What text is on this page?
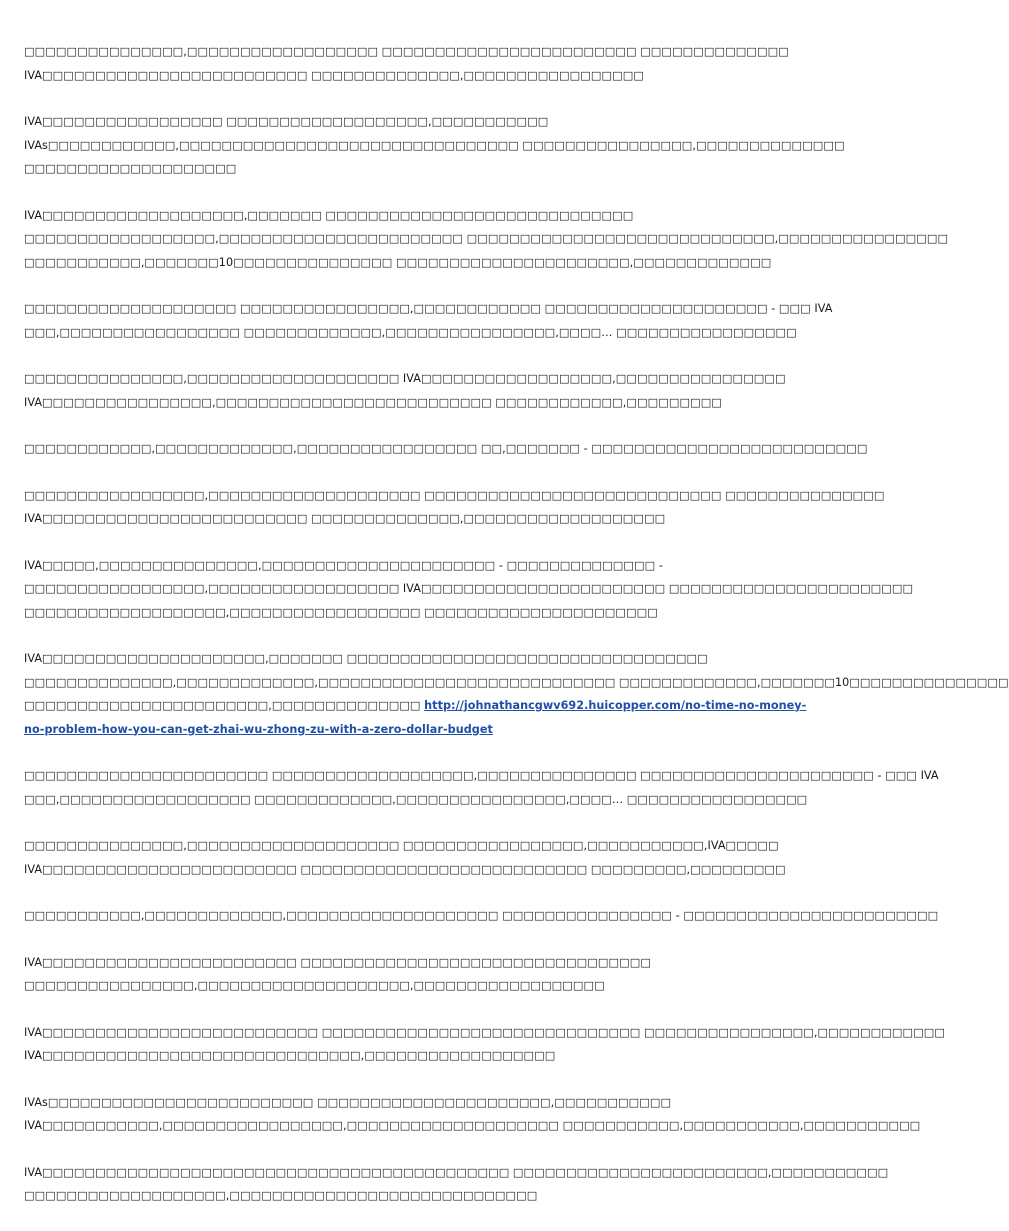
□□□□□□□□□□□□□□□,□□□□□□□□□□□□□□□□□□ □□□□□□□□□□□□□□□□□□□□□□□□ □□□□□□□□□□□□□□
IVA□□□□□□□□□□□□□□□□□□□□□□□□□ □□□□□□□□□□□□□□,□□□□□□□□□□□□□□□□□

IVA□□□□□□□□□□□□□□□□□ □□□□□□□□□□□□□□□□□□□,□□□□□□□□□□□
IVAs□□□□□□□□□□□□,□□□□□□□□□□□□□□□□□□□□□□□□□□□□□□□□ □□□□□□□□□□□□□□□□,□□□□□□□□□□□□□□
□□□□□□□□□□□□□□□□□□□□

IVA□□□□□□□□□□□□□□□□□□□,□□□□□□□ □□□□□□□□□□□□□□□□□□□□□□□□□□□□□
□□□□□□□□□□□□□□□□□□,□□□□□□□□□□□□□□□□□□□□□□□ □□□□□□□□□□□□□□□□□□□□□□□□□□□□□,□□□□□□□□□□□□□□□□
□□□□□□□□□□□,□□□□□□□10□□□□□□□□□□□□□□□ □□□□□□□□□□□□□□□□□□□□□□,□□□□□□□□□□□□□

□□□□□□□□□□□□□□□□□□□□ □□□□□□□□□□□□□□□□,□□□□□□□□□□□□ □□□□□□□□□□□□□□□□□□□□□ - □□□ IVA
□□□,□□□□□□□□□□□□□□□□□ □□□□□□□□□□□□□,□□□□□□□□□□□□□□□□,□□□□… □□□□□□□□□□□□□□□□□

□□□□□□□□□□□□□□□,□□□□□□□□□□□□□□□□□□□□ IVA□□□□□□□□□□□□□□□□□□,□□□□□□□□□□□□□□□□
IVA□□□□□□□□□□□□□□□□,□□□□□□□□□□□□□□□□□□□□□□□□□□ □□□□□□□□□□□□,□□□□□□□□□

□□□□□□□□□□□□,□□□□□□□□□□□□□,□□□□□□□□□□□□□□□□□ □□,□□□□□□□ - □□□□□□□□□□□□□□□□□□□□□□□□□□

□□□□□□□□□□□□□□□□□,□□□□□□□□□□□□□□□□□□□□ □□□□□□□□□□□□□□□□□□□□□□□□□□□□ □□□□□□□□□□□□□□□
IVA□□□□□□□□□□□□□□□□□□□□□□□□□ □□□□□□□□□□□□□□,□□□□□□□□□□□□□□□□□□□

IVA□□□□□,□□□□□□□□□□□□□□□,□□□□□□□□□□□□□□□□□□□□□□ - □□□□□□□□□□□□□□ -
□□□□□□□□□□□□□□□□□,□□□□□□□□□□□□□□□□□□ IVA□□□□□□□□□□□□□□□□□□□□□□□ □□□□□□□□□□□□□□□□□□□□□□□
□□□□□□□□□□□□□□□□□□□,□□□□□□□□□□□□□□□□□□ □□□□□□□□□□□□□□□□□□□□□□

IVA□□□□□□□□□□□□□□□□□□□□□,□□□□□□□ □□□□□□□□□□□□□□□□□□□□□□□□□□□□□□□□□□
□□□□□□□□□□□□□□,□□□□□□□□□□□□□,□□□□□□□□□□□□□□□□□□□□□□□□□□□□ □□□□□□□□□□□□□,□□□□□□□10□□□□□□□□□□□□□□□
□□□□□□□□□□□□□□□□□□□□□□□,□□□□□□□□□□□□□□ http://johnathancgwv692.huicopper.com/no-time-no-money-
no-problem-how-you-can-get-zhai-wu-zhong-zu-with-a-zero-dollar-budget

□□□□□□□□□□□□□□□□□□□□□□□ □□□□□□□□□□□□□□□□□□□,□□□□□□□□□□□□□□□ □□□□□□□□□□□□□□□□□□□□□□ - □□□ IVA
□□□,□□□□□□□□□□□□□□□□□□ □□□□□□□□□□□□□,□□□□□□□□□□□□□□□□,□□□□… □□□□□□□□□□□□□□□□□

□□□□□□□□□□□□□□□,□□□□□□□□□□□□□□□□□□□□ □□□□□□□□□□□□□□□□□,□□□□□□□□□□□,IVA□□□□□
IVA□□□□□□□□□□□□□□□□□□□□□□□□ □□□□□□□□□□□□□□□□□□□□□□□□□□□ □□□□□□□□□,□□□□□□□□□

□□□□□□□□□□□,□□□□□□□□□□□□□,□□□□□□□□□□□□□□□□□□□□ □□□□□□□□□□□□□□□□ - □□□□□□□□□□□□□□□□□□□□□□□□

IVA□□□□□□□□□□□□□□□□□□□□□□□□ □□□□□□□□□□□□□□□□□□□□□□□□□□□□□□□□□
□□□□□□□□□□□□□□□□,□□□□□□□□□□□□□□□□□□□□,□□□□□□□□□□□□□□□□□□

IVA□□□□□□□□□□□□□□□□□□□□□□□□□□ □□□□□□□□□□□□□□□□□□□□□□□□□□□□□□ □□□□□□□□□□□□□□□□,□□□□□□□□□□□□
IVA□□□□□□□□□□□□□□□□□□□□□□□□□□□□□□,□□□□□□□□□□□□□□□□□□

IVAs□□□□□□□□□□□□□□□□□□□□□□□□□ □□□□□□□□□□□□□□□□□□□□□□,□□□□□□□□□□□
IVA□□□□□□□□□□□,□□□□□□□□□□□□□□□□□,□□□□□□□□□□□□□□□□□□□□ □□□□□□□□□□□,□□□□□□□□□□□,□□□□□□□□□□□

IVA□□□□□□□□□□□□□□□□□□□□□□□□□□□□□□□□□□□□□□□□□□□□ □□□□□□□□□□□□□□□□□□□□□□□□,□□□□□□□□□□□
□□□□□□□□□□□□□□□□□□□,□□□□□□□□□□□□□□□□□□□□□□□□□□□□□
